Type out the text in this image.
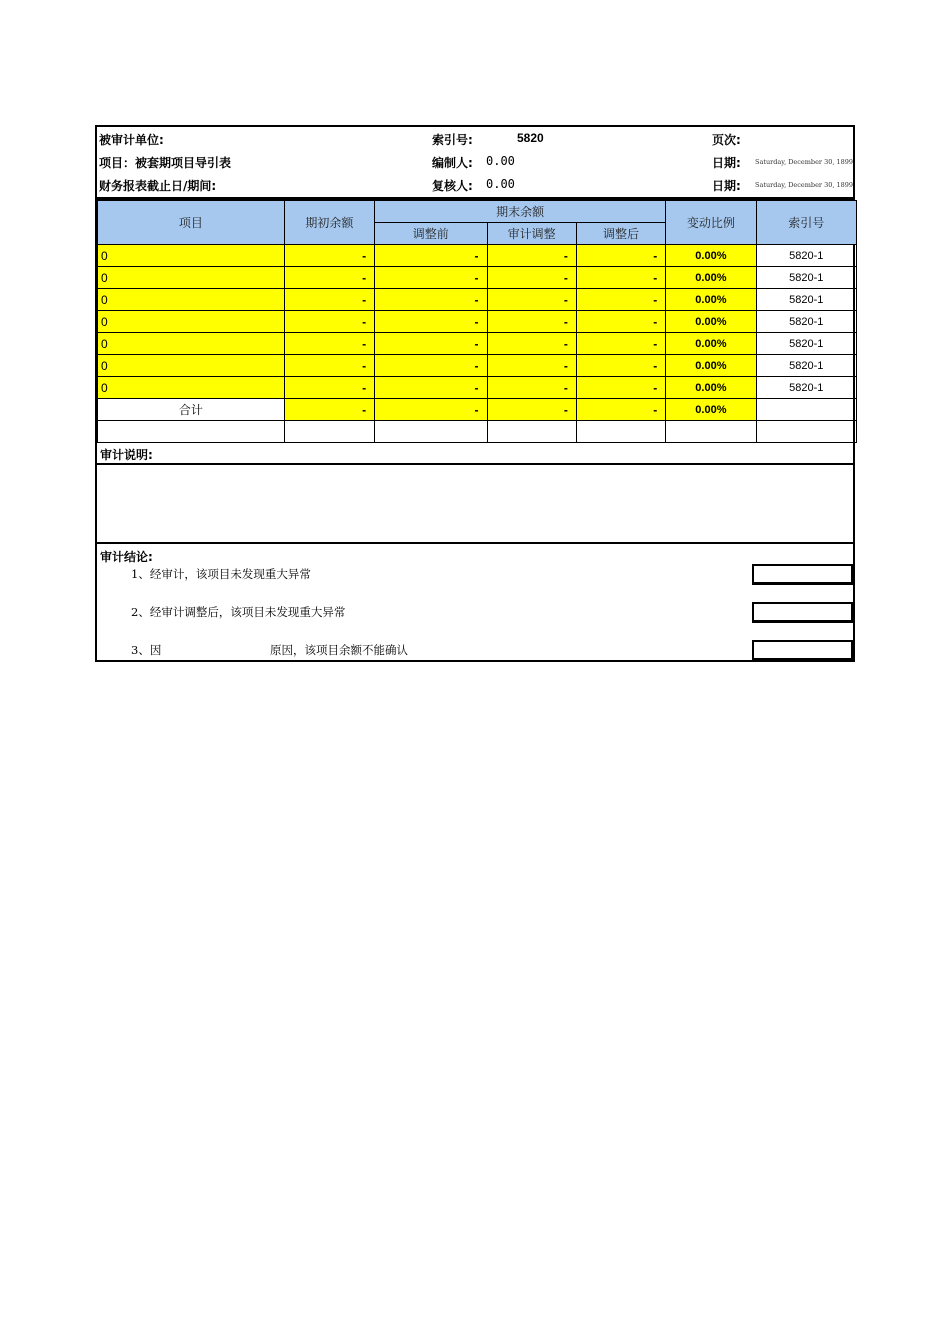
被审计单位:	索引号:	5820	页次:
项目：被套期项目导引表	编制人: 0.00	日期: Saturday, December 30, 1899
财务报表截止日/期间:	复核人: 0.00	日期: Saturday, December 30, 1899
项目	期初余额	期末余额			变动比例	索引号
		调整前	审计调整	调整后		
0	-	-	-	-	0.00%	5820-1
0	-	-	-	-	0.00%	5820-1
0	-	-	-	-	0.00%	5820-1
0	-	-	-	-	0.00%	5820-1
0	-	-	-	-	0.00%	5820-1
0	-	-	-	-	0.00%	5820-1
0	-	-	-	-	0.00%	5820-1
合计	-	-	-	-	0.00%	

审计说明:
审计结论:
1、经审计，该项目未发现重大异常
2、经审计调整后，该项目未发现重大异常
3、因	原因，该项目余额不能确认
